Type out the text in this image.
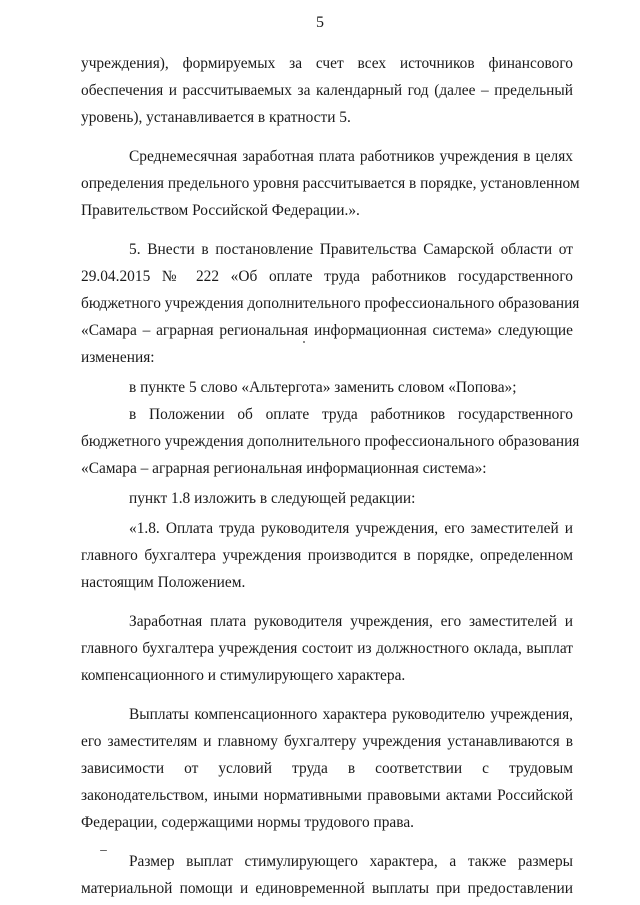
5
учреждения), формируемых за счет всех источников финансового
обеспечения и рассчитываемых за календарный год (далее – предельный
уровень), устанавливается в кратности 5.
Среднемесячная заработная плата работников учреждения в целях
определения предельного уровня рассчитывается в порядке, установленном
Правительством Российской Федерации.».
5. Внести в постановление Правительства Самарской области от
29.04.2015 № 222 «Об оплате труда работников государственного
бюджетного учреждения дополнительного профессионального образования
«Самара – аграрная региональная информационная система» следующие
изменения:
в пункте 5 слово «Альтергота» заменить словом «Попова»;
в Положении об оплате труда работников государственного
бюджетного учреждения дополнительного профессионального образования
«Самара – аграрная региональная информационная система»:
пункт 1.8 изложить в следующей редакции:
«1.8. Оплата труда руководителя учреждения, его заместителей и
главного бухгалтера учреждения производится в порядке, определенном
настоящим Положением.
Заработная плата руководителя учреждения, его заместителей и
главного бухгалтера учреждения состоит из должностного оклада, выплат
компенсационного и стимулирующего характера.
Выплаты компенсационного характера руководителю учреждения,
его заместителям и главному бухгалтеру учреждения устанавливаются в
зависимости от условий труда в соответствии с трудовым
законодательством, иными нормативными правовыми актами Российской
Федерации, содержащими нормы трудового права.
Размер выплат стимулирующего характера, а также размеры
материальной помощи и единовременной выплаты при предоставлении
